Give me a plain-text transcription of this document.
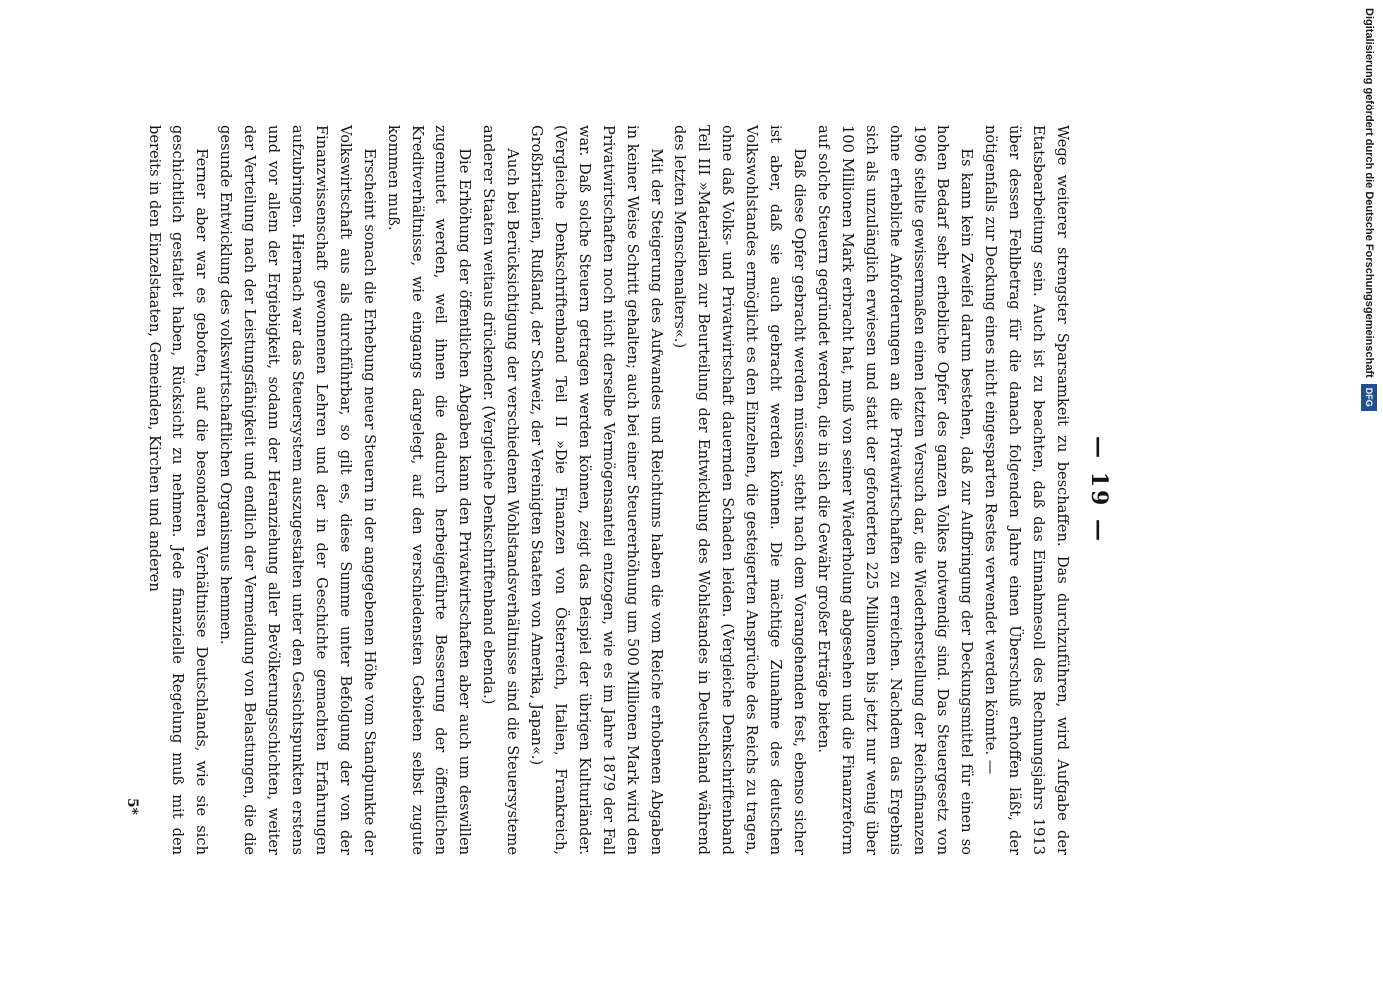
— 19 —

Wege weiterer strengster Sparsamkeit zu beschaffen. Das durchzuführen, wird Aufgabe der Etatsbearbeitung sein. Auch ist zu beachten, daß das Einnahmesoll des Rechnungsjahrs 1913 über dessen Fehlbetrag für die danach folgenden Jahre einen Überschuß erhoffen läßt, der nötigenfalls zur Deckung eines nicht eingesparten Restes verwendet werden könnte. —

Es kann kein Zweifel darum bestehen, daß zur Aufbringung der Deckungsmittel für einen so hohen Bedarf sehr erhebliche Opfer des ganzen Volkes notwendig sind. Das Steuergesetz von 1906 stellte gewissermaßen einen letzten Versuch dar, die Wiederherstellung der Reichsfinanzen ohne erhebliche Anforderungen an die Privatwirtschaften zu erreichen. Nachdem das Ergebnis sich als unzulänglich erwiesen und statt der geforderten 225 Millionen bis jetzt nur wenig über 100 Millionen Mark erbracht hat, muß von seiner Wiederholung abgesehen und die Finanzreform auf solche Steuern gegründet werden, die in sich die Gewähr großer Erträge bieten.

Daß diese Opfer gebracht werden müssen, steht nach dem Vorangehenden fest, ebenso sicher ist aber, daß sie auch gebracht werden können. Die mächtige Zunahme des deutschen Volkswohlstandes ermöglicht es den Einzelnen, die gesteigerten Ansprüche des Reichs zu tragen, ohne daß Volks- und Privatwirtschaft dauernden Schaden leiden. (Vergleiche Denkschriftenband Teil III »Materialien zur Beurteilung der Entwicklung des Wohlstandes in Deutschland während des letzten Menschenalters«.)

Mit der Steigerung des Aufwandes und Reichtums haben die vom Reiche erhobenen Abgaben in keiner Weise Schritt gehalten; auch bei einer Steuererhöhung um 500 Millionen Mark wird den Privatwirtschaften noch nicht derselbe Vermögensanteil entzogen, wie es im Jahre 1879 der Fall war. Daß solche Steuern getragen werden können, zeigt das Beispiel der übrigen Kulturländer. (Vergleiche Denkschriftenband Teil II »Die Finanzen von Österreich, Italien, Frankreich, Großbritannien, Rußland, der Schweiz, der Vereinigten Staaten von Amerika, Japan«.)

Auch bei Berücksichtigung der verschiedenen Wohlstandsverhältnisse sind die Steuersysteme anderer Staaten weitaus drückender. (Vergleiche Denkschriftenband ebenda.)

Die Erhöhung der öffentlichen Abgaben kann den Privatwirtschaften aber auch um deswillen zugemutet werden, weil ihnen die dadurch herbeigeführte Besserung der öffentlichen Kreditverhältnisse, wie eingangs dargelegt, auf den verschiedensten Gebieten selbst zugute kommen muß.

Erscheint sonach die Erhebung neuer Steuern in der angegebenen Höhe vom Standpunkte der Volkswirtschaft aus als durchführbar, so gilt es, diese Summe unter Befolgung der von der Finanzwissenschaft gewonnenen Lehren und der in der Geschichte gemachten Erfahrungen aufzubringen. Hiernach war das Steuersystem auszugestalten unter den Gesichtspunkten erstens und vor allem der Ergiebigkeit, sodann der Heranziehung aller Bevölkerungsschichten, weiter der Verteilung nach der Leistungsfähigkeit und endlich der Vermeidung von Belastungen, die die gesunde Entwicklung des volkswirtschaftlichen Organismus hemmen.

Ferner aber war es geboten, auf die besonderen Verhältnisse Deutschlands, wie sie sich geschichtlich gestaltet haben, Rücksicht zu nehmen. Jede finanzielle Regelung muß mit den bereits in den Einzelstaaten, Gemeinden, Kirchen und anderen

5*
Digitalisierung gefördert durch die Deutsche Forschungsgemeinschaft
DFG
